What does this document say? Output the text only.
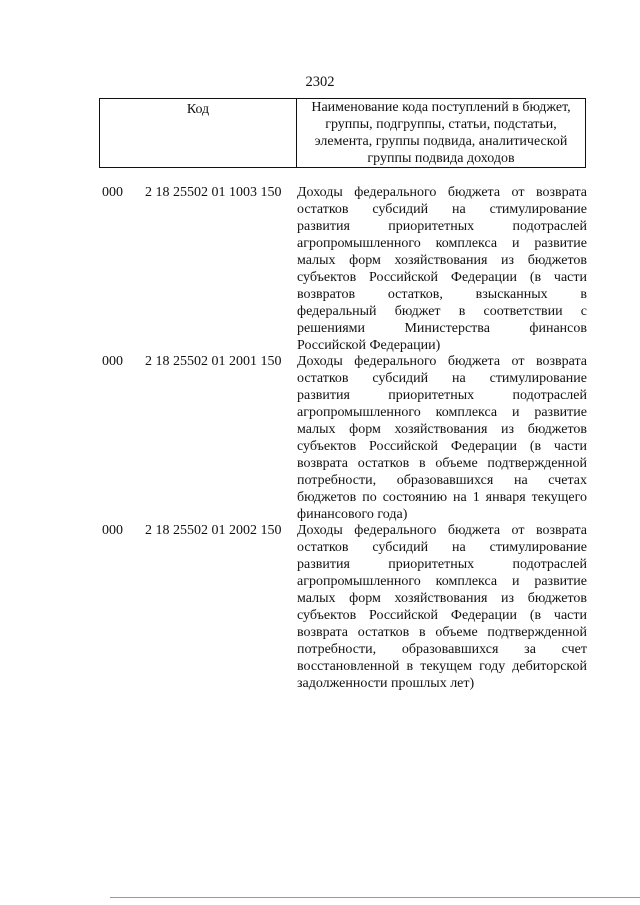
2302
Код	Наименование кода поступлений в бюджет,
группы, подгруппы, статьи, подстатьи,
элемента, группы подвида, аналитической
группы подвида доходов
000 2 18 25502 01 1003 150 Доходы федерального бюджета от возврата
остатков субсидий на стимулирование
развития приоритетных подотраслей
агропромышленного комплекса и развитие
малых форм хозяйствования из бюджетов
субъектов Российской Федерации (в части
возвратов остатков, взысканных в
федеральный бюджет в соответствии с
решениями Министерства финансов
Российской Федерации)
000 2 18 25502 01 2001 150 Доходы федерального бюджета от возврата
остатков субсидий на стимулирование
развития приоритетных подотраслей
агропромышленного комплекса и развитие
малых форм хозяйствования из бюджетов
субъектов Российской Федерации (в части
возврата остатков в объеме подтвержденной
потребности, образовавшихся на счетах
бюджетов по состоянию на 1 января текущего
финансового года)
000 2 18 25502 01 2002 150 Доходы федерального бюджета от возврата
остатков субсидий на стимулирование
развития приоритетных подотраслей
агропромышленного комплекса и развитие
малых форм хозяйствования из бюджетов
субъектов Российской Федерации (в части
возврата остатков в объеме подтвержденной
потребности, образовавшихся за счет
восстановленной в текущем году дебиторской
задолженности прошлых лет)
